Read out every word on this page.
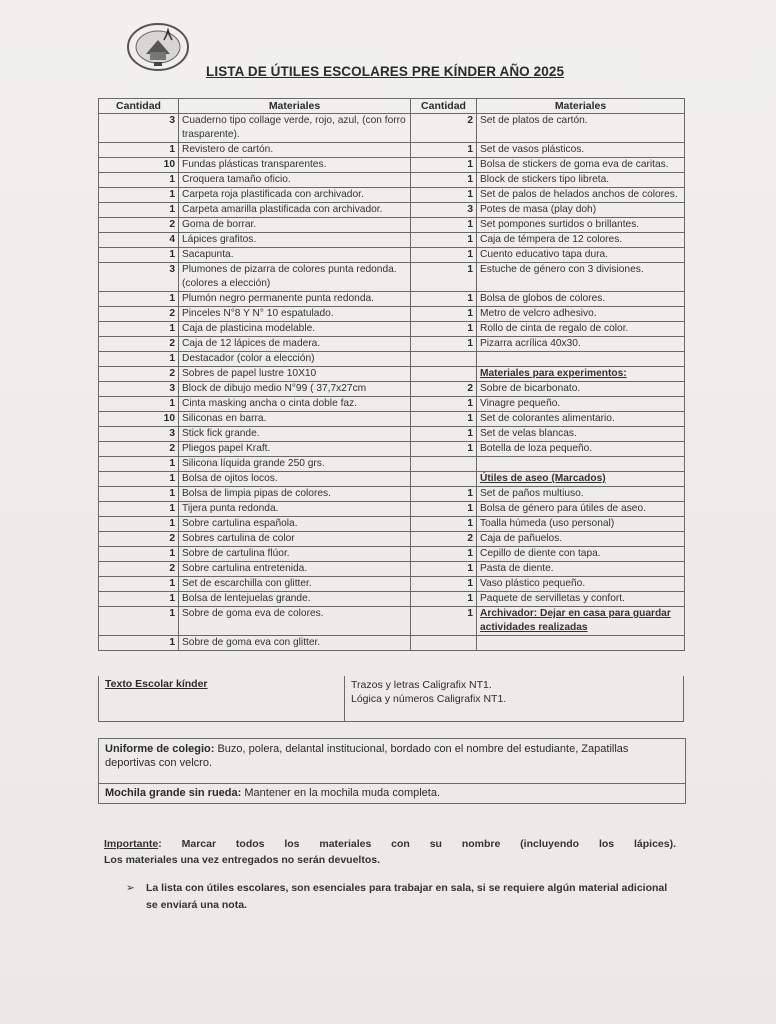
LISTA DE ÚTILES ESCOLARES PRE KÍNDER AÑO 2025
Cantidad	Materiales	Cantidad	Materiales
3	Cuaderno tipo collage verde, rojo, azul, (con forro trasparente).	2	Set de platos de cartón.
1	Revistero de cartón.	1	Set de vasos plásticos.
10	Fundas plásticas transparentes.	1	Bolsa de stickers de goma eva de caritas.
1	Croquera tamaño oficio.	1	Block de stickers tipo libreta.
1	Carpeta roja plastificada con archivador.	1	Set de palos de helados anchos de colores.
1	Carpeta amarilla plastificada con archivador.	3	Potes de masa (play doh)
2	Goma de borrar.	1	Set pompones surtidos o brillantes.
4	Lápices grafitos.	1	Caja de témpera de 12 colores.
1	Sacapunta.	1	Cuento educativo tapa dura.
3	Plumones de pizarra de colores punta redonda. (colores a elección)	1	Estuche de género con 3 divisiones.
1	Plumón negro permanente punta redonda.	1	Bolsa de globos de colores.
2	Pinceles N°8 Y N° 10 espatulado.	1	Metro de velcro adhesivo.
1	Caja de plasticina modelable.	1	Rollo de cinta de regalo de color.
2	Caja de 12 lápices de madera.	1	Pizarra acrílica 40x30.
1	Destacador (color a elección)		
2	Sobres de papel lustre 10X10		Materiales para experimentos:
3	Block de dibujo medio N°99 ( 37,7x27cm	2	Sobre de bicarbonato.
1	Cinta masking ancha o cinta doble faz.	1	Vinagre pequeño.
10	Siliconas en barra.	1	Set de colorantes alimentario.
3	Stick fick grande.	1	Set de velas blancas.
2	Pliegos papel Kraft.	1	Botella de loza pequeño.
1	Silicona líquida grande 250 grs.		
1	Bolsa de ojitos locos.		Útiles de aseo (Marcados)
1	Bolsa de limpia pipas de colores.	1	Set de paños multiuso.
1	Tijera punta redonda.	1	Bolsa de género para útiles de aseo.
1	Sobre cartulina española.	1	Toalla húmeda (uso personal)
2	Sobres cartulina de color	2	Caja de pañuelos.
1	Sobre de cartulina flúor.	1	Cepillo de diente con tapa.
2	Sobre cartulina entretenida.	1	Pasta de diente.
1	Set de escarchilla con glitter.	1	Vaso plástico pequeño.
1	Bolsa de lentejuelas grande.	1	Paquete de servilletas y confort.
1	Sobre de goma eva de colores.	1	Archivador: Dejar en casa para guardar actividades realizadas
1	Sobre de goma eva con glitter.		
Texto Escolar kínder	Trazos y letras Caligrafix NT1.
Lógica y números Caligrafix NT1.
Uniforme de colegio: Buzo, polera, delantal institucional, bordado con el nombre del estudiante, Zapatillas deportivas con velcro.
Mochila grande sin rueda: Mantener en la mochila muda completa.
Importante: Marcar todos los materiales con su nombre (incluyendo los lápices).
Los materiales una vez entregados no serán devueltos.
➢ La lista con útiles escolares, son esenciales para trabajar en sala, si se requiere algún material adicional se enviará una nota.
